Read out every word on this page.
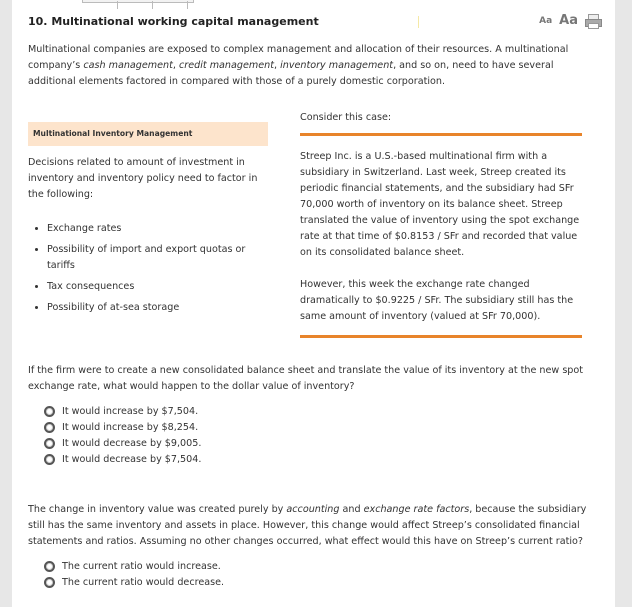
10. Multinational working capital management	Aa Aa
Multinational companies are exposed to complex management and allocation of their resources. A multinational company’s cash management, credit management, inventory management, and so on, need to have several additional elements factored in compared with those of a purely domestic corporation.
Multinational Inventory Management
Decisions related to amount of investment in inventory and inventory policy need to factor in the following:
• Exchange rates
• Possibility of import and export quotas or tariffs
• Tax consequences
• Possibility of at-sea storage
Consider this case:

Streep Inc. is a U.S.-based multinational firm with a subsidiary in Switzerland. Last week, Streep created its periodic financial statements, and the subsidiary had SFr 70,000 worth of inventory on its balance sheet. Streep translated the value of inventory using the spot exchange rate at that time of $0.8153 / SFr and recorded that value on its consolidated balance sheet.

However, this week the exchange rate changed dramatically to $0.9225 / SFr. The subsidiary still has the same amount of inventory (valued at SFr 70,000).

If the firm were to create a new consolidated balance sheet and translate the value of its inventory at the new spot exchange rate, what would happen to the dollar value of inventory?
It would increase by $7,504.
It would increase by $8,254.
It would decrease by $9,005.
It would decrease by $7,504.
The change in inventory value was created purely by accounting and exchange rate factors, because the subsidiary still has the same inventory and assets in place. However, this change would affect Streep’s consolidated financial statements and ratios. Assuming no other changes occurred, what effect would this have on Streep’s current ratio?
The current ratio would increase.
The current ratio would decrease.
